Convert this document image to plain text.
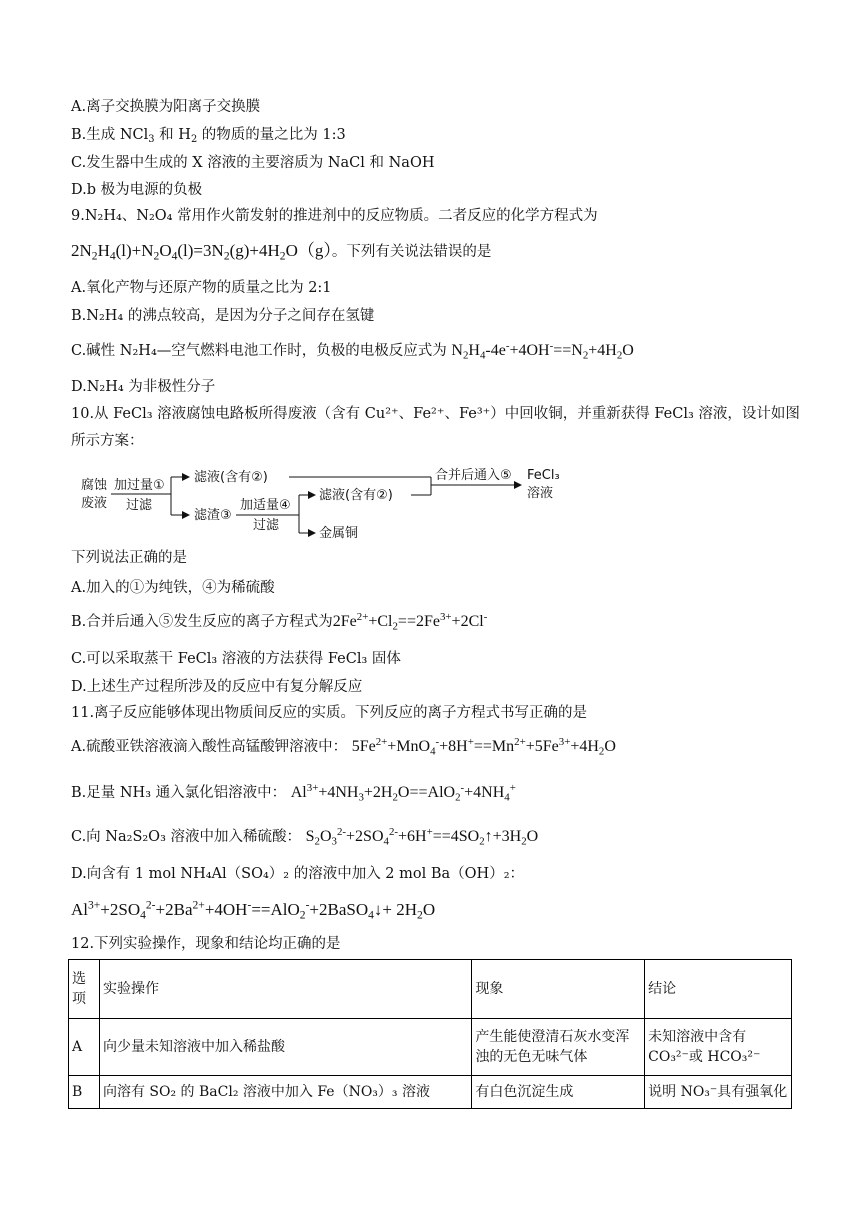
A.离子交换膜为阳离子交换膜
B.生成 NCl$_3$ 和 $H_2$ 的物质的量之比为 1:3
C.发生器中生成的 X 溶液的主要溶质为 NaCl 和 NaOH
D.b 极为电源的负极
9.N₂H₄、N₂O₄ 常用作火箭发射的推进剂中的反应物质。二者反应的化学方程式为
$2N_2H_4(l)+N_2O_4(l)=3N_2(g)+4H_2O(g)$。下列有关说法错误的是
A.氧化产物与还原产物的质量之比为 2:1
B.N₂H₄ 的沸点较高，是因为分子之间存在氢键
C.碱性 N₂H₄—空气燃料电池工作时，负极的电极反应式为 $N_2H_4-4e^-+4OH^-==N_2+4H_2O$
D.N₂H₄ 为非极性分子
10.从 FeCl₃ 溶液腐蚀电路板所得废液（含有 Cu²⁺、Fe²⁺、Fe³⁺）中回收铜，并重新获得 FeCl₃ 溶液，设计如图
所示方案：
腐蚀
废液
加过量①
过滤
滤液(含有②)
滤渣③
加适量④
过滤
滤液(含有②)
金属铜
合并后通入⑤ FeCl₃
溶液
下列说法正确的是
A.加入的①为纯铁，④为稀硫酸
B.合并后通入⑤发生反应的离子方程式为$2Fe^{2+}+Cl_2==2Fe^{3+}+2Cl^-$
C.可以采取蒸干 FeCl₃ 溶液的方法获得 FeCl₃ 固体
D.上述生产过程所涉及的反应中有复分解反应
11.离子反应能够体现出物质间反应的实质。下列反应的离子方程式书写正确的是
A.硫酸亚铁溶液滴入酸性高锰酸钾溶液中： $5Fe^{2+}+MnO_4^-+8H^+==Mn^{2+}+5Fe^{3+}+4H_2O$
B.足量 NH₃ 通入氯化铝溶液中： $Al^{3+}+4NH_3+2H_2O==AlO_2^-+4NH_4^+$
C.向 Na₂S₂O₃ 溶液中加入稀硫酸： $S_2O_3^{2-}+2SO_4^{2-}+6H^+==4SO_2↑+3H_2O$
D.向含有 1 mol NH₄Al（SO₄）₂ 的溶液中加入 2 mol Ba（OH）₂：
$Al^{3+}+2SO_4^{2-}+2Ba^{2+}+4OH^-==AlO_2^-+2BaSO_4↓+ 2H_2O$
12.下列实验操作，现象和结论均正确的是
选项	实验操作	现象	结论
A	向少量未知溶液中加入稀盐酸	产生能使澄清石灰水变浑浊的无色无味气体	未知溶液中含有 CO₃²⁻或 HCO₃²⁻
B	向溶有 SO₂ 的 BaCl₂ 溶液中加入 Fe（NO₃）₃ 溶液	有白色沉淀生成	说明 NO₃⁻具有强氧化
